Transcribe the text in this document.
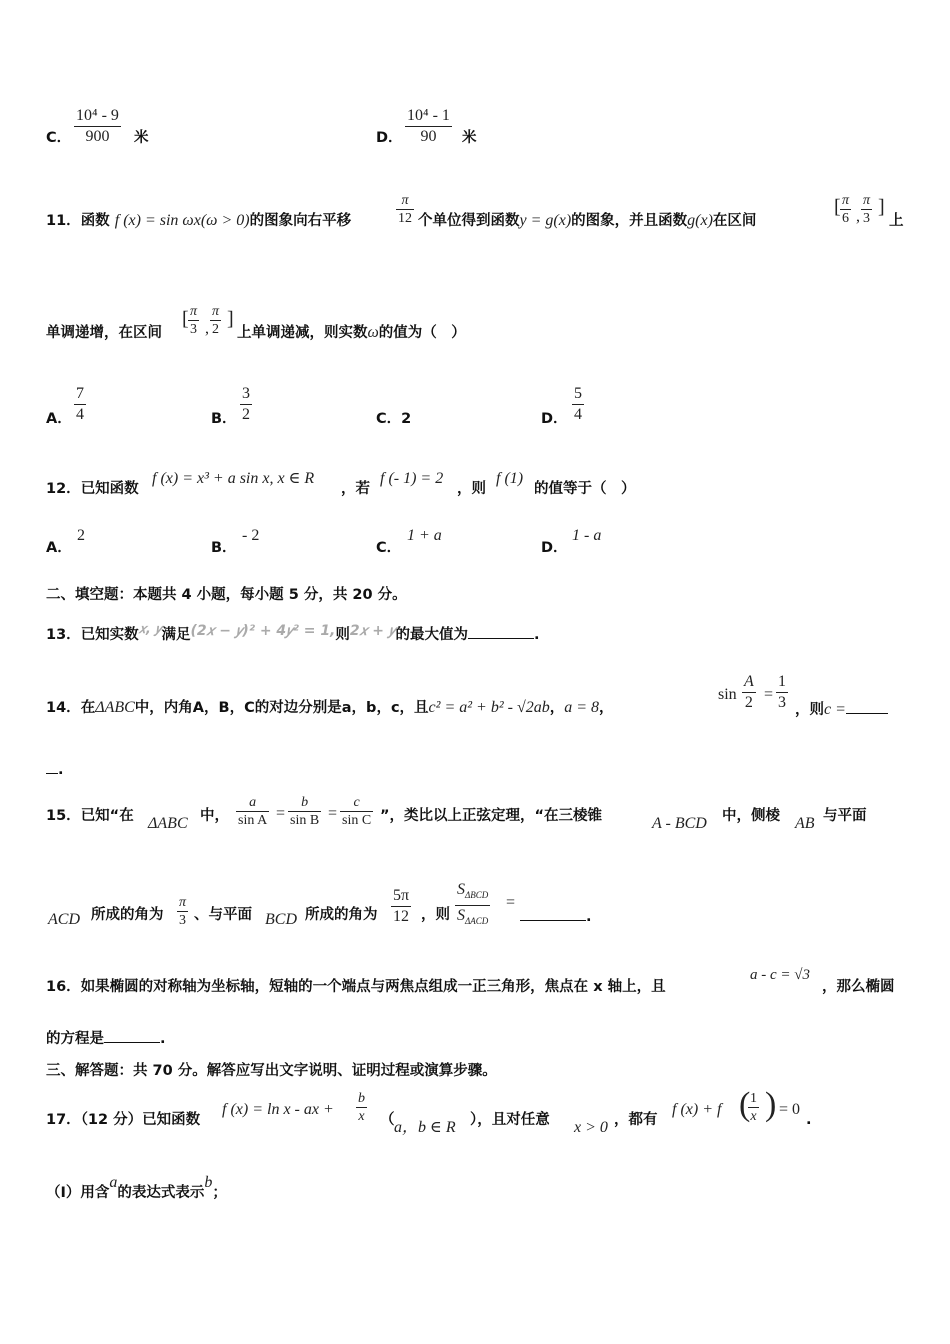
C． $\frac{\text{10⁴ - 9}}{900}$ 米	D． $\frac{\text{10⁴ - 1}}{90}$ 米
11．函数 f (x) = sin ωx(ω > 0)的图象向右平移	$\frac{\pi}{12}$ 个单位得到函数y = g(x)的图象，并且函数g(x)在区间
[ $\frac{\pi}{6}$ , $\frac{\pi}{3}$ ]
上
单调递增，在区间
[ $\frac{\pi}{3}$ , $\frac{\pi}{2}$ ]
上单调递减，则实数ω的值为（　）
A． $\frac{7}{4}$	B． $\frac{3}{2}$	C．2	D． $\frac{5}{4}$
12．已知函数
f (x) = x³ + a sin x, x ∈ R
，若
f (- 1) = 2
，则
f (1)
的值等于（　）
A．
2
B．
- 2
C．
1 + a
D．
1 - a
二、填空题：本题共 4 小题，每小题 5 分，共 20 分。
13．已知实数𝑥, 𝑦满足(2𝑥 − 𝑦)² + 4𝑦² = 1,则2𝑥 + 𝑦的最大值为	.
14．在ΔABC中，内角A，B，C的对边分别是a，b，c，且c² = a² + b² - √2ab，a = 8，
$\sin \frac{A}{2} = \frac{1}{3}$ ，则c =
.
15．已知“在 ΔABC 中， $\frac{a}{\text{sin A}} = \frac{b}{\text{sin B}} = \frac{c}{\text{sin C}}$ ”，类比以上正弦定理，“在三棱锥	A - BCD 中，侧棱 AB 与平面
ACD 所成的角为 $\frac{\pi}{3}$ 、与平面 BCD 所成的角为 $\frac{5\pi}{12}$ ，则
$S_{\Delta BCD}$
$S_{\Delta ACD}$
=
.
16．如果椭圆的对称轴为坐标轴，短轴的一个端点与两焦点组成一正三角形，焦点在 x 轴上，且
a - c = √3
，那么椭圆
的方程是	.
三、解答题：共 70 分。解答应写出文字说明、证明过程或演算步骤。
17．（12 分）已知函数
f (x) = ln x - ax + $\frac{b}{x}$ （ a，b ∈ R ），且对任意 x > 0 ，都有
f (x) + f (
$\frac{1}{x}$ ) = 0
.
（Ⅰ）用含a的表达式表示b；
